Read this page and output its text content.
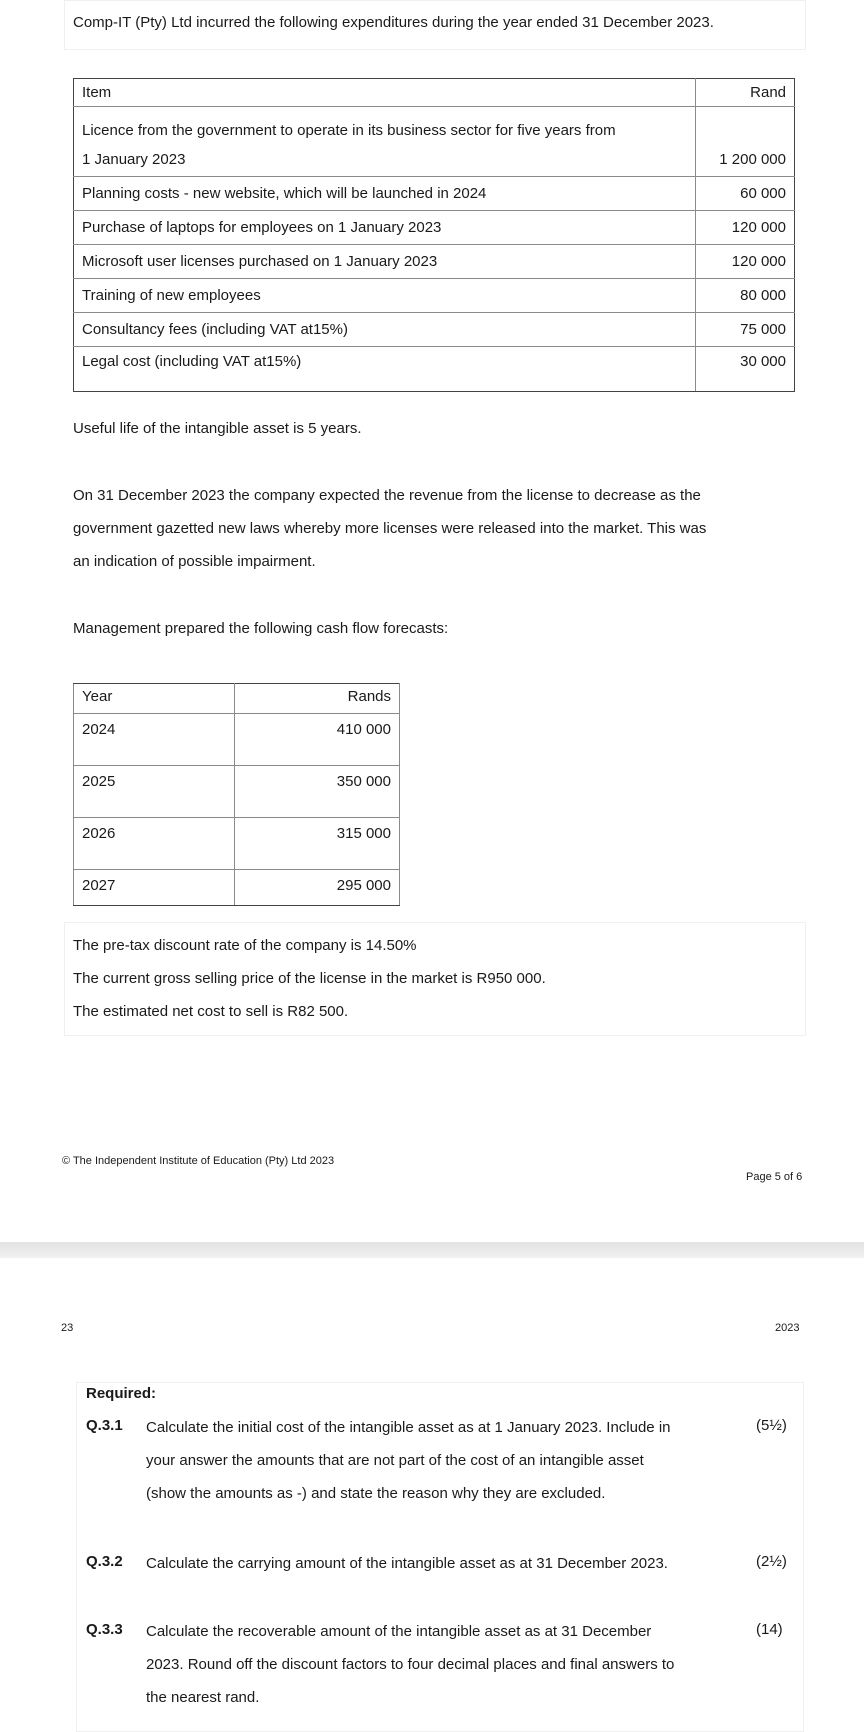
Comp-IT (Pty) Ltd incurred the following expenditures during the year ended 31 December 2023.
Item	Rand
Licence from the government to operate in its business sector for five years from	
1 January 2023	1 200 000
Planning costs - new website, which will be launched in 2024	60 000
Purchase of laptops for employees on 1 January 2023	120 000
Microsoft user licenses purchased on 1 January 2023	120 000
Training of new employees	80 000
Consultancy fees (including VAT at15%)	75 000
Legal cost (including VAT at15%)	30 000
Useful life of the intangible asset is 5 years.
On 31 December 2023 the company expected the revenue from the license to decrease as the
government gazetted new laws whereby more licenses were released into the market. This was
an indication of possible impairment.
Management prepared the following cash flow forecasts:
Year	Rands
2024	410 000
2025	350 000
2026	315 000
2027	295 000
The pre-tax discount rate of the company is 14.50%
The current gross selling price of the license in the market is R950 000.
The estimated net cost to sell is R82 500.
© The Independent Institute of Education (Pty) Ltd 2023
Page 5 of 6
23	2023
Required:
Q.3.1 Calculate the initial cost of the intangible asset as at 1 January 2023. Include in
your answer the amounts that are not part of the cost of an intangible asset
(show the amounts as -) and state the reason why they are excluded.
(5½)
Q.3.2 Calculate the carrying amount of the intangible asset as at 31 December 2023.	(2½)
Q.3.3 Calculate the recoverable amount of the intangible asset as at 31 December
2023. Round off the discount factors to four decimal places and final answers to
the nearest rand.
(14)
